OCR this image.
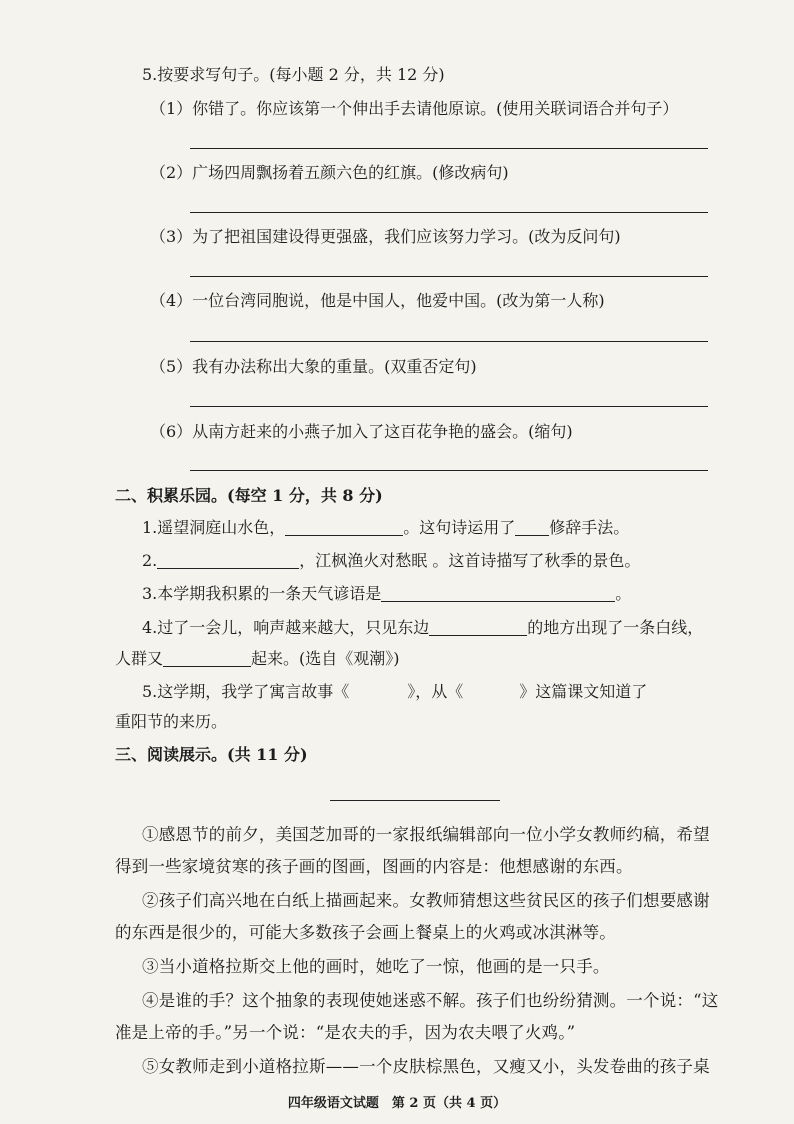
5.按要求写句子。(每小题 2 分，共 12 分)
（1）你错了。你应该第一个伸出手去请他原谅。(使用关联词语合并句子）
（2）广场四周飘扬着五颜六色的红旗。(修改病句)
（3）为了把祖国建设得更强盛，我们应该努力学习。(改为反问句)
（4）一位台湾同胞说，他是中国人，他爱中国。(改为第一人称)
（5）我有办法称出大象的重量。(双重否定句)
（6）从南方赶来的小燕子加入了这百花争艳的盛会。(缩句)
二、积累乐园。(每空 1 分，共 8 分)
1.遥望洞庭山水色，	。这句诗运用了 修辞手法。
2.	，江枫渔火对愁眠 。这首诗描写了秋季的景色。
3.本学期我积累的一条天气谚语是	。
4.过了一会儿，响声越来越大，只见东边	的地方出现了一条白线，
人群又	起来。(选自《观潮》)
5.这学期，我学了寓言故事《	》，从《	》这篇课文知道了
重阳节的来历。
三、阅读展示。(共 11 分)
①感恩节的前夕，美国芝加哥的一家报纸编辑部向一位小学女教师约稿，希望
得到一些家境贫寒的孩子画的图画，图画的内容是：他想感谢的东西。
②孩子们高兴地在白纸上描画起来。女教师猜想这些贫民区的孩子们想要感谢
的东西是很少的，可能大多数孩子会画上餐桌上的火鸡或冰淇淋等。
③当小道格拉斯交上他的画时，她吃了一惊，他画的是一只手。
④是谁的手？这个抽象的表现使她迷惑不解。孩子们也纷纷猜测。一个说：“这
准是上帝的手。”另一个说：“是农夫的手，因为农夫喂了火鸡。”
⑤女教师走到小道格拉斯——一个皮肤棕黑色，又瘦又小，头发卷曲的孩子桌
四年级语文试题　第 2 页（共 4 页）
